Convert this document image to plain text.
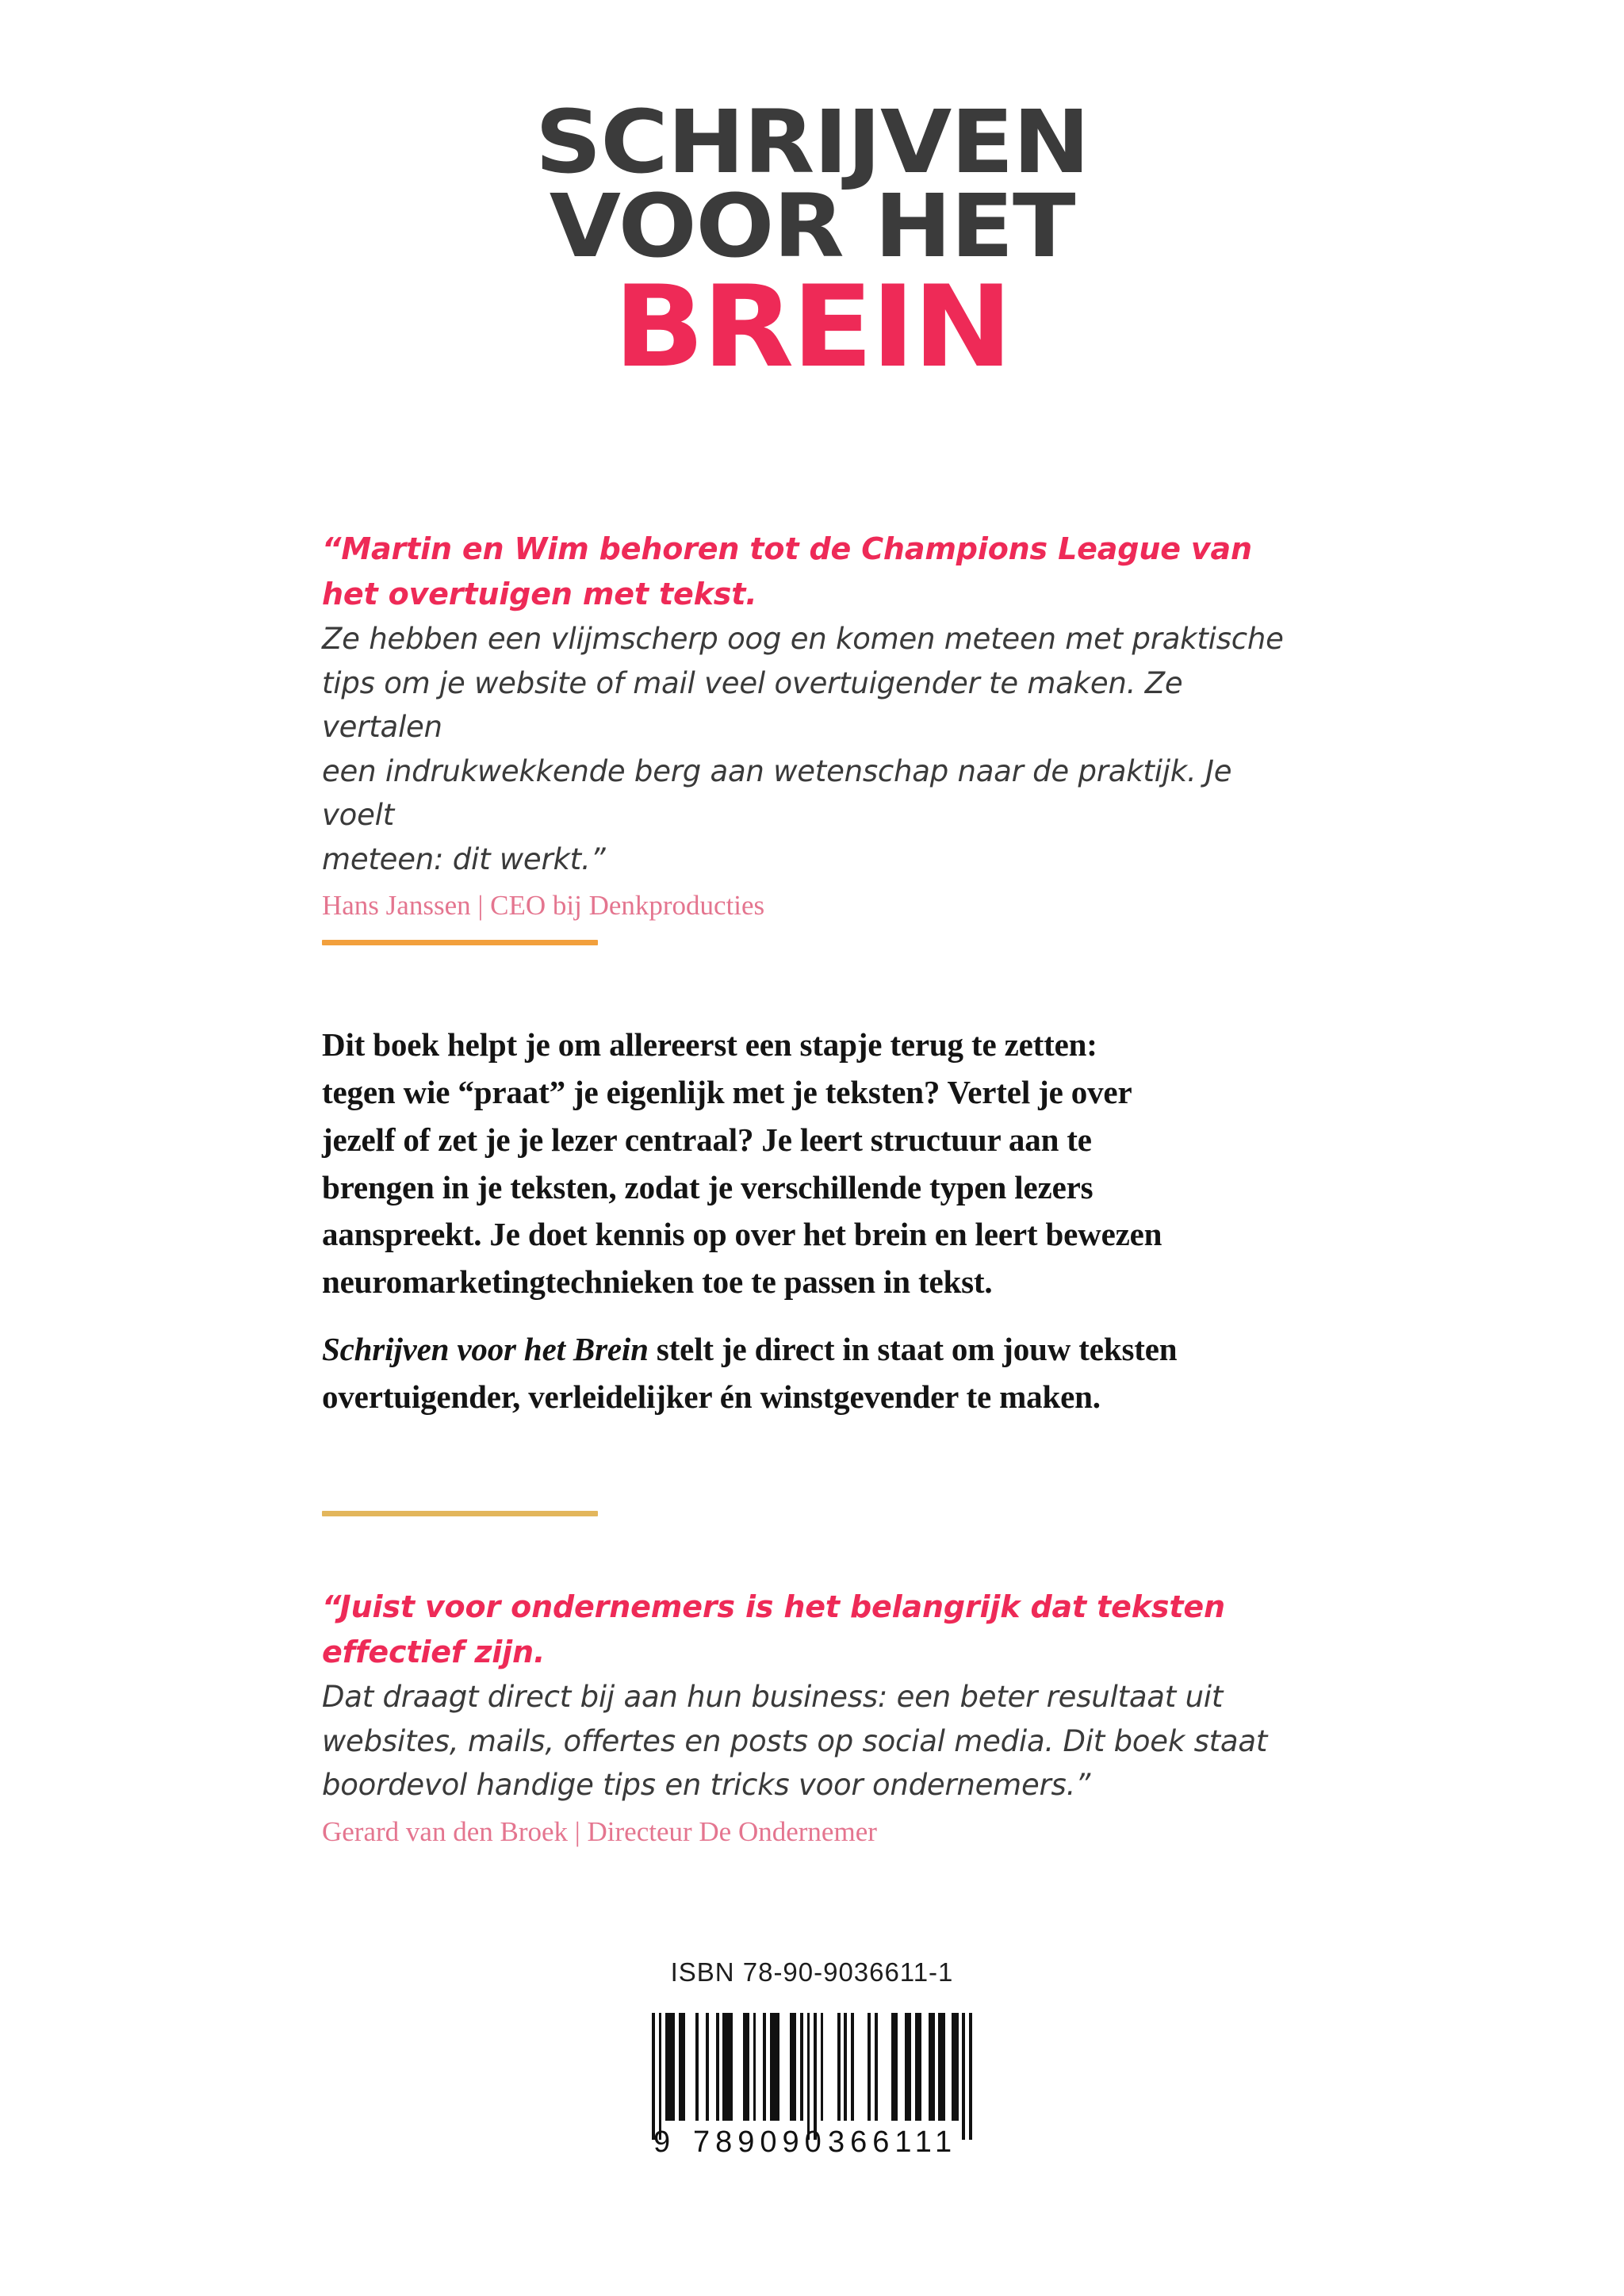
SCHRIJVEN

VOOR HET

BREIN

“Martin en Wim behoren tot de Champions League van

het overtuigen met tekst.

Ze hebben een vlijmscherp oog en komen meteen met praktische

tips om je website of mail veel overtuigender te maken. Ze vertalen

een indrukwekkende berg aan wetenschap naar de praktijk. Je voelt

meteen: dit werkt.”

Hans Janssen | CEO bij Denkproducties

Dit boek helpt je om allereerst een stapje terug te zetten:

tegen wie “praat” je eigenlijk met je teksten? Vertel je over

jezelf of zet je je lezer centraal? Je leert structuur aan te

brengen in je teksten, zodat je verschillende typen lezers

aanspreekt. Je doet kennis op over het brein en leert bewezen

neuromarketingtechnieken toe te passen in tekst.

Schrijven voor het Brein stelt je direct in staat om jouw teksten

overtuigender, verleidelijker én winstgevender te maken.

“Juist voor ondernemers is het belangrijk dat teksten

effectief zijn.

Dat draagt direct bij aan hun business: een beter resultaat uit

websites, mails, offertes en posts op social media. Dit boek staat

boordevol handige tips en tricks voor ondernemers.”

Gerard van den Broek | Directeur De Ondernemer

ISBN 78-90-9036611-1
9 789090 366111
